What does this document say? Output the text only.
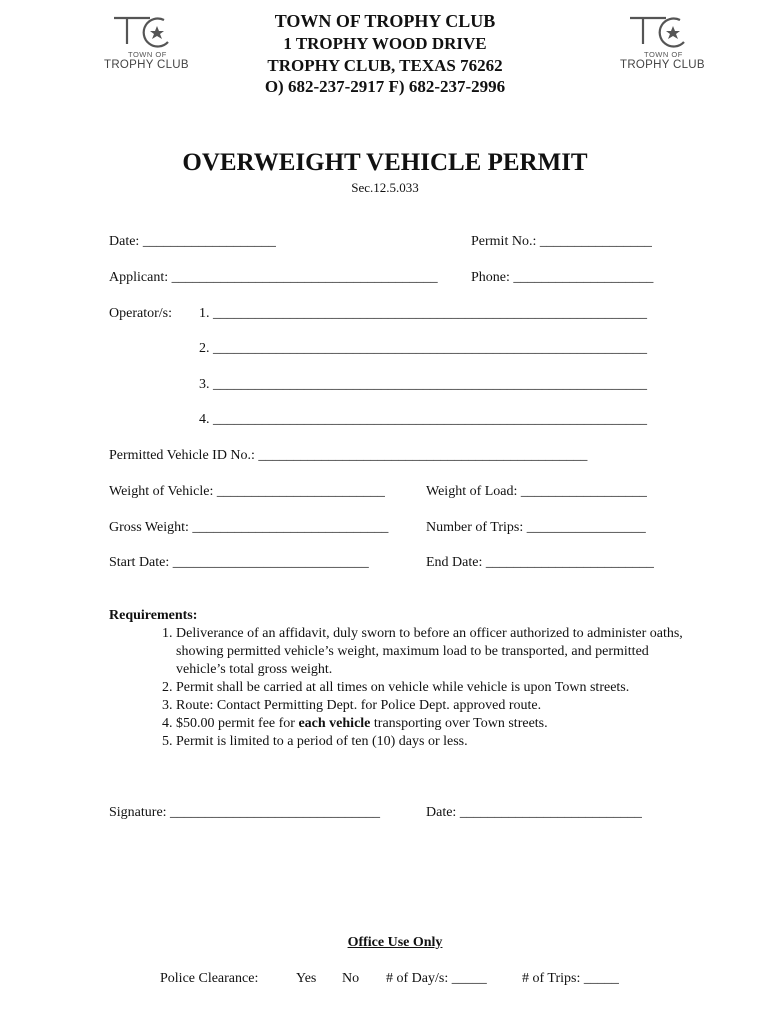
TOWN OF
TROPHY CLUB
TOWN OF
TROPHY CLUB
TOWN OF TROPHY CLUB
1 TROPHY WOOD DRIVE
TROPHY CLUB, TEXAS 76262
O) 682-237-2917 F) 682-237-2996
OVERWEIGHT VEHICLE PERMIT
Sec.12.5.033
Date: ___________________	Permit No.: ________________
Applicant: ______________________________________ Phone: ____________________
Operator/s: 1. ______________________________________________________________
2. ______________________________________________________________
3. ______________________________________________________________
4. ______________________________________________________________
Permitted Vehicle ID No.: _______________________________________________
Weight of Vehicle: ________________________	Weight of Load: __________________
Gross Weight: ____________________________	Number of Trips: _________________
Start Date: ____________________________	End Date: ________________________
Requirements:
1. Deliverance of an affidavit, duly sworn to before an officer authorized to administer oaths, showing permitted vehicle’s weight, maximum load to be transported, and permitted vehicle’s total gross weight.
2. Permit shall be carried at all times on vehicle while vehicle is upon Town streets.
3. Route: Contact Permitting Dept. for Police Dept. approved route.
4. $50.00 permit fee for each vehicle transporting over Town streets.
5. Permit is limited to a period of ten (10) days or less.
Signature: ______________________________	Date: __________________________
Office Use Only
Police Clearance:	Yes No # of Day/s: _____	# of Trips: _____
